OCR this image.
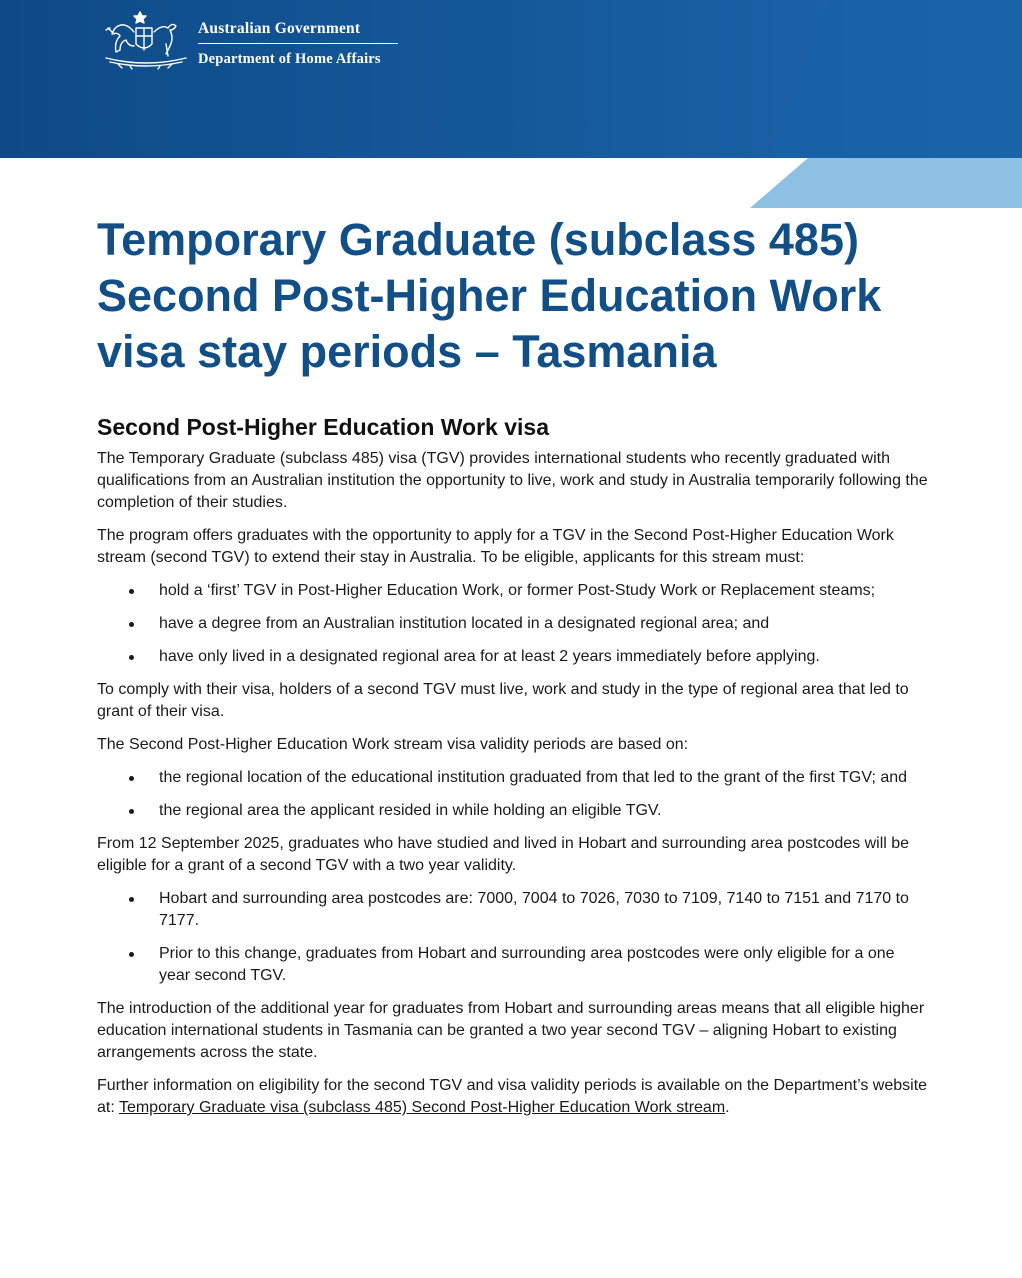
Australian Government
Department of Home Affairs
Temporary Graduate (subclass 485) Second Post-Higher Education Work visa stay periods – Tasmania
Second Post-Higher Education Work visa

The Temporary Graduate (subclass 485) visa (TGV) provides international students who recently graduated with qualifications from an Australian institution the opportunity to live, work and study in Australia temporarily following the completion of their studies.

The program offers graduates with the opportunity to apply for a TGV in the Second Post-Higher Education Work stream (second TGV) to extend their stay in Australia. To be eligible, applicants for this stream must:

hold a ‘first’ TGV in Post-Higher Education Work, or former Post-Study Work or Replacement steams;
have a degree from an Australian institution located in a designated regional area; and
have only lived in a designated regional area for at least 2 years immediately before applying.

To comply with their visa, holders of a second TGV must live, work and study in the type of regional area that led to grant of their visa.

The Second Post-Higher Education Work stream visa validity periods are based on:

the regional location of the educational institution graduated from that led to the grant of the first TGV; and
the regional area the applicant resided in while holding an eligible TGV.

From 12 September 2025, graduates who have studied and lived in Hobart and surrounding area postcodes will be eligible for a grant of a second TGV with a two year validity.

Hobart and surrounding area postcodes are: 7000, 7004 to 7026, 7030 to 7109, 7140 to 7151 and 7170 to 7177.
Prior to this change, graduates from Hobart and surrounding area postcodes were only eligible for a one year second TGV.

The introduction of the additional year for graduates from Hobart and surrounding areas means that all eligible higher education international students in Tasmania can be granted a two year second TGV – aligning Hobart to existing arrangements across the state.

Further information on eligibility for the second TGV and visa validity periods is available on the Department’s website at: Temporary Graduate visa (subclass 485) Second Post-Higher Education Work stream.
